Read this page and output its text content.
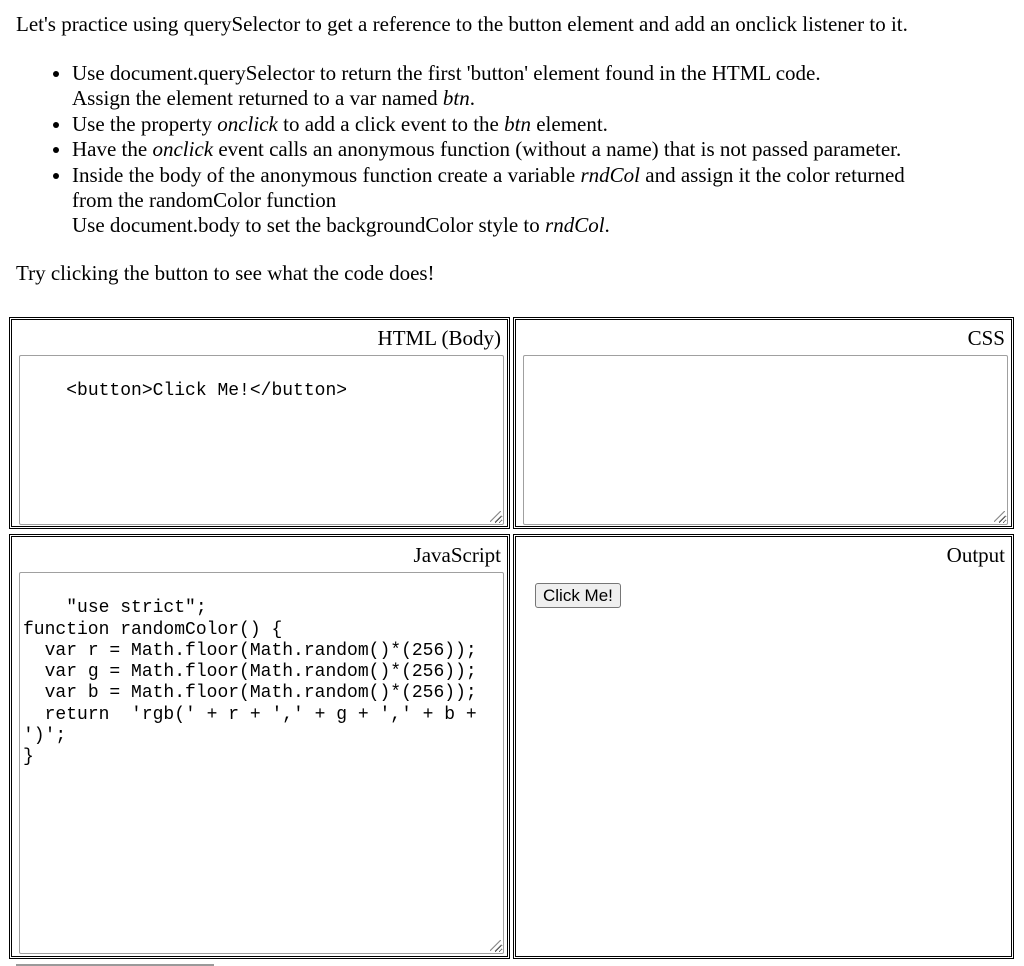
Let's practice using querySelector to get a reference to the button element and add an onclick listener to it.

• Use document.querySelector to return the first 'button' element found in the HTML code.
Assign the element returned to a var named btn.
• Use the property onclick to add a click event to the btn element.
• Have the onclick event calls an anonymous function (without a name) that is not passed parameter.
• Inside the body of the anonymous function create a variable rndCol and assign it the color returned
from the randomColor function
Use document.body to set the backgroundColor style to rndCol.

Try clicking the button to see what the code does!

HTML (Body)

<button>Click Me!</button>

CSS

JavaScript

"use strict";
function randomColor() {
var r = Math.floor(Math.random()*(256));
var g = Math.floor(Math.random()*(256));
var b = Math.floor(Math.random()*(256));
return  'rgb(' + r + ',' + g + ',' + b + ')';
}

Output
Click Me!
